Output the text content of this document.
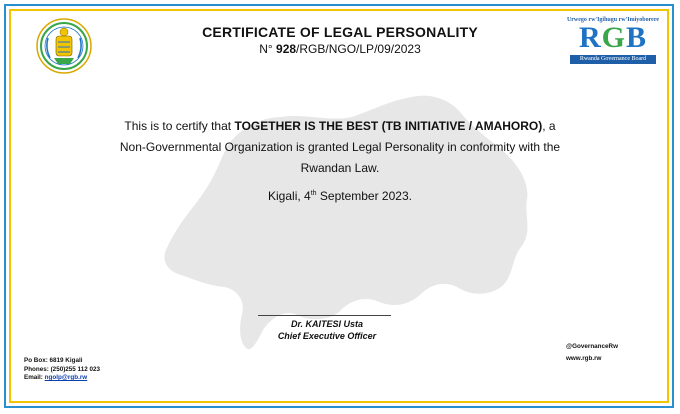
CERTIFICATE OF LEGAL PERSONALITY
N° 928/RGB/NGO/LP/09/2023
Urwego rw'Igihugu rw'Imiyoborere
RGB
Rwanda Governance Board
This is to certify that TOGETHER IS THE BEST (TB INITIATIVE / AMAHORO), a
Non-Governmental Organization is granted Legal Personality in conformity with the
Rwandan Law.
Kigali, 4th September 2023.
Dr. KAITESI Usta
Chief Executive Officer
Po Box: 6819 Kigali
Phones: (250)255 112 023
Email: ngolp@rgb.rw
@GovernanceRw
www.rgb.rw
